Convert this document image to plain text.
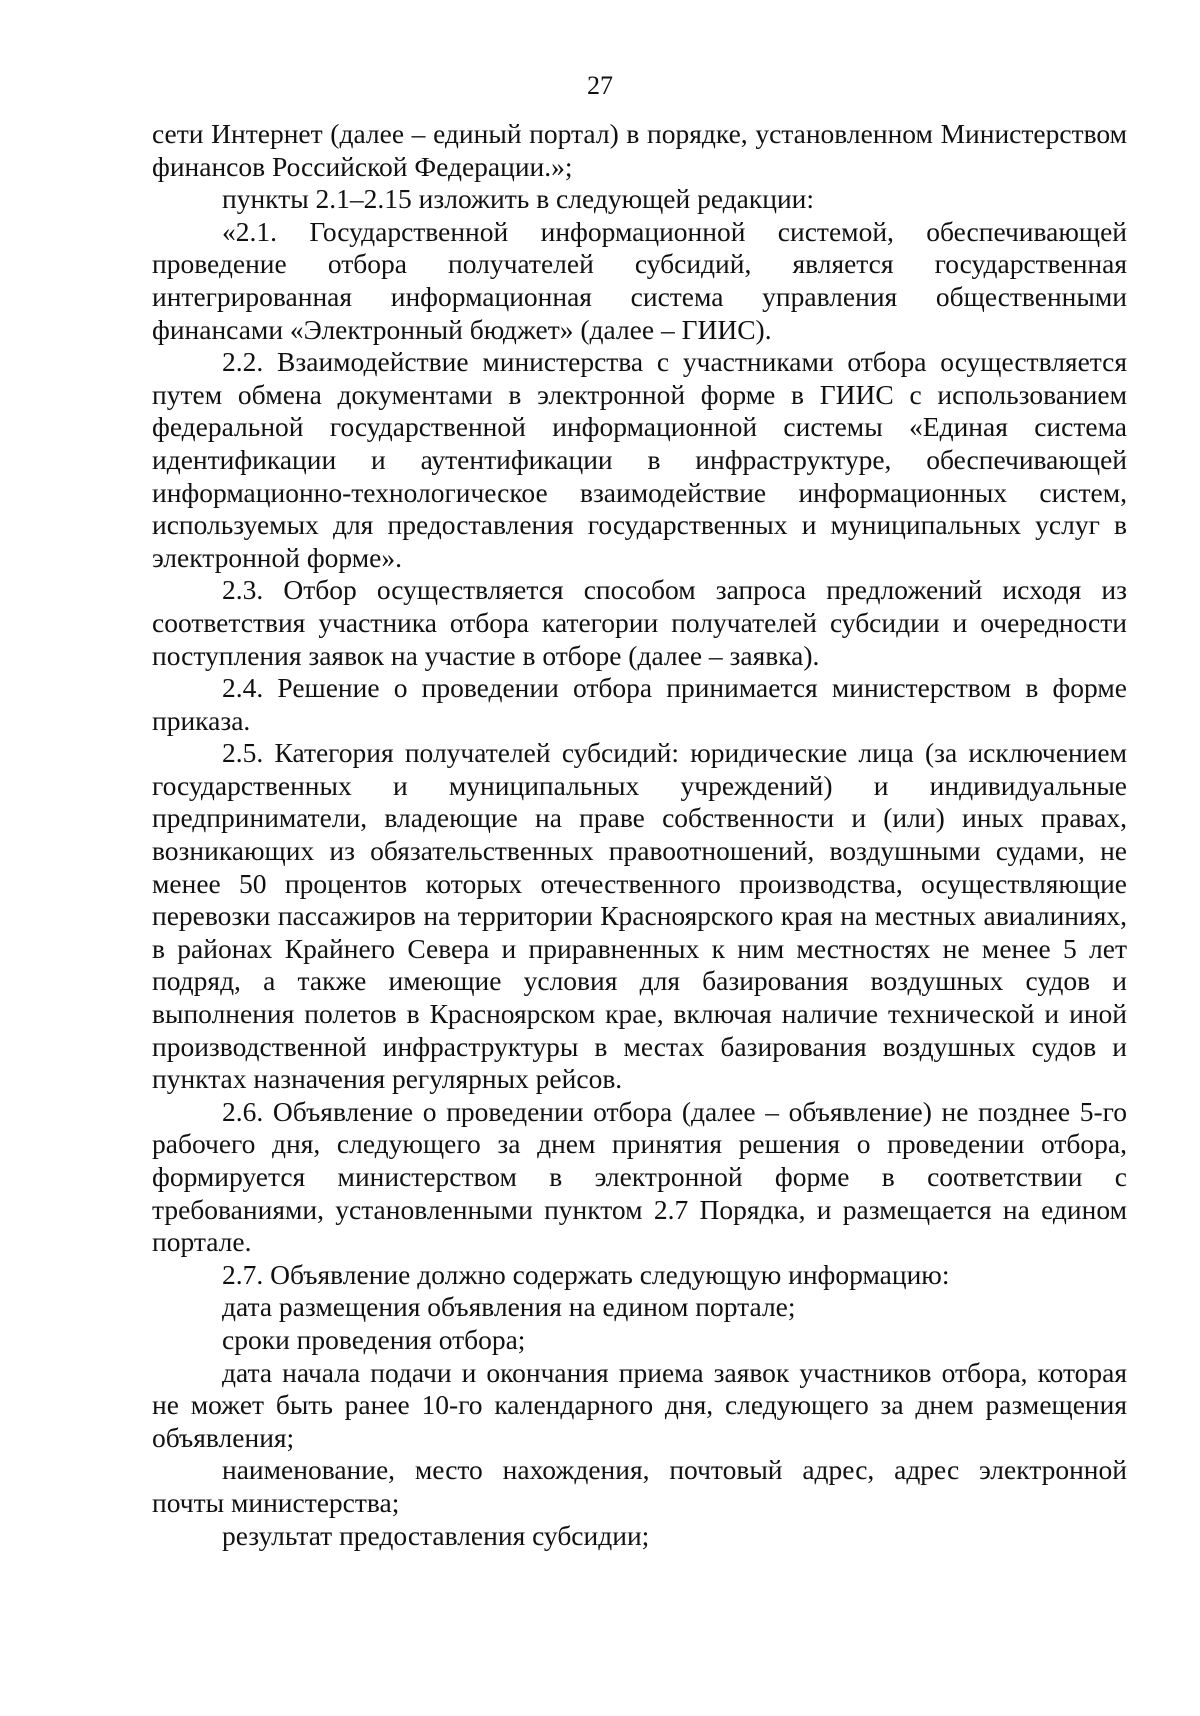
27

сети Интернет (далее – единый портал) в порядке, установленном Министерством финансов Российской Федерации.»;

пункты 2.1–2.15 изложить в следующей редакции:

«2.1. Государственной информационной системой, обеспечивающей проведение отбора получателей субсидий, является государственная интегрированная информационная система управления общественными финансами «Электронный бюджет» (далее – ГИИС).

2.2. Взаимодействие министерства с участниками отбора осуществляется путем обмена документами в электронной форме в ГИИС с использованием федеральной государственной информационной системы «Единая система идентификации и аутентификации в инфраструктуре, обеспечивающей информационно-технологическое взаимодействие информационных систем, используемых для предоставления государственных и муниципальных услуг в электронной форме».

2.3. Отбор осуществляется способом запроса предложений исходя из соответствия участника отбора категории получателей субсидии и очередности поступления заявок на участие в отборе (далее – заявка).

2.4. Решение о проведении отбора принимается министерством в форме приказа.

2.5. Категория получателей субсидий: юридические лица (за исключением государственных и муниципальных учреждений) и индивидуальные предприниматели, владеющие на праве собственности и (или) иных правах, возникающих из обязательственных правоотношений, воздушными судами, не менее 50 процентов которых отечественного производства, осуществляющие перевозки пассажиров на территории Красноярского края на местных авиалиниях, в районах Крайнего Севера и приравненных к ним местностях не менее 5 лет подряд, а также имеющие условия для базирования воздушных судов и выполнения полетов в Красноярском крае, включая наличие технической и иной производственной инфраструктуры в местах базирования воздушных судов и пунктах назначения регулярных рейсов.

2.6. Объявление о проведении отбора (далее – объявление) не позднее 5-го рабочего дня, следующего за днем принятия решения о проведении отбора, формируется министерством в электронной форме в соответствии с требованиями, установленными пунктом 2.7 Порядка, и размещается на едином портале.

2.7. Объявление должно содержать следующую информацию:

дата размещения объявления на едином портале;

сроки проведения отбора;

дата начала подачи и окончания приема заявок участников отбора, которая не может быть ранее 10-го календарного дня, следующего за днем размещения объявления;

наименование, место нахождения, почтовый адрес, адрес электронной почты министерства;

результат предоставления субсидии;
